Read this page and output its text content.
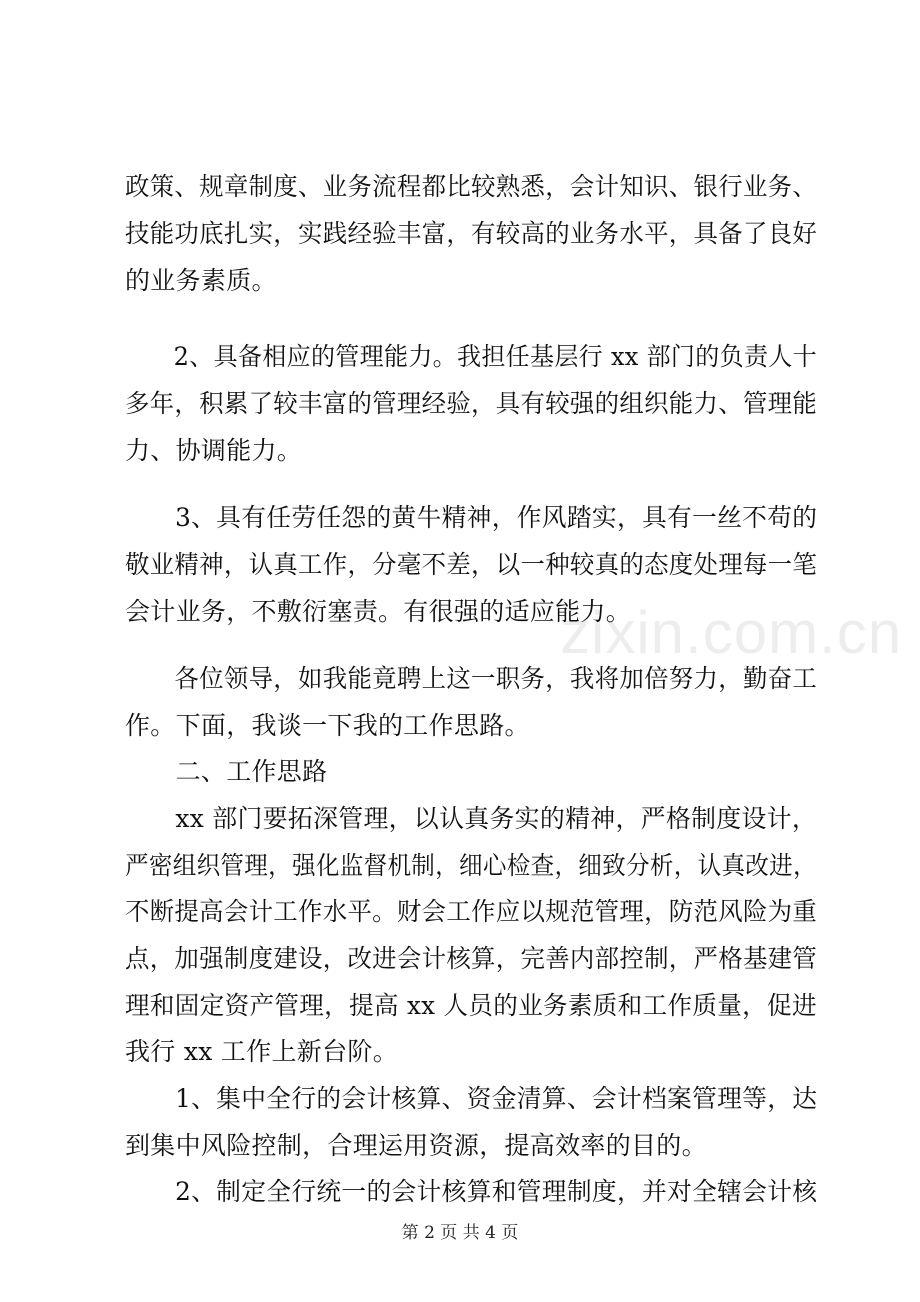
政策、规章制度、业务流程都比较熟悉，会计知识、银行业务、
技能功底扎实，实践经验丰富，有较高的业务水平，具备了良好
的业务素质。
　　2、具备相应的管理能力。我担任基层行 xx 部门的负责人十
多年，积累了较丰富的管理经验，具有较强的组织能力、管理能
力、协调能力。
　　3、具有任劳任怨的黄牛精神，作风踏实，具有一丝不苟的
敬业精神，认真工作，分毫不差，以一种较真的态度处理每一笔
会计业务，不敷衍塞责。有很强的适应能力。
　　各位领导，如我能竟聘上这一职务，我将加倍努力，勤奋工
作。下面，我谈一下我的工作思路。
　　二、工作思路
　　xx 部门要拓深管理，以认真务实的精神，严格制度设计，
严密组织管理，强化监督机制，细心检查，细致分析，认真改进，
不断提高会计工作水平。财会工作应以规范管理，防范风险为重
点，加强制度建设，改进会计核算，完善内部控制，严格基建管
理和固定资产管理，提高 xx 人员的业务素质和工作质量，促进
我行 xx 工作上新台阶。
　　1、集中全行的会计核算、资金清算、会计档案管理等，达
到集中风险控制，合理运用资源，提高效率的目的。
　　2、制定全行统一的会计核算和管理制度，并对全辖会计核
zixin.com.cn
第 2 页 共 4 页
